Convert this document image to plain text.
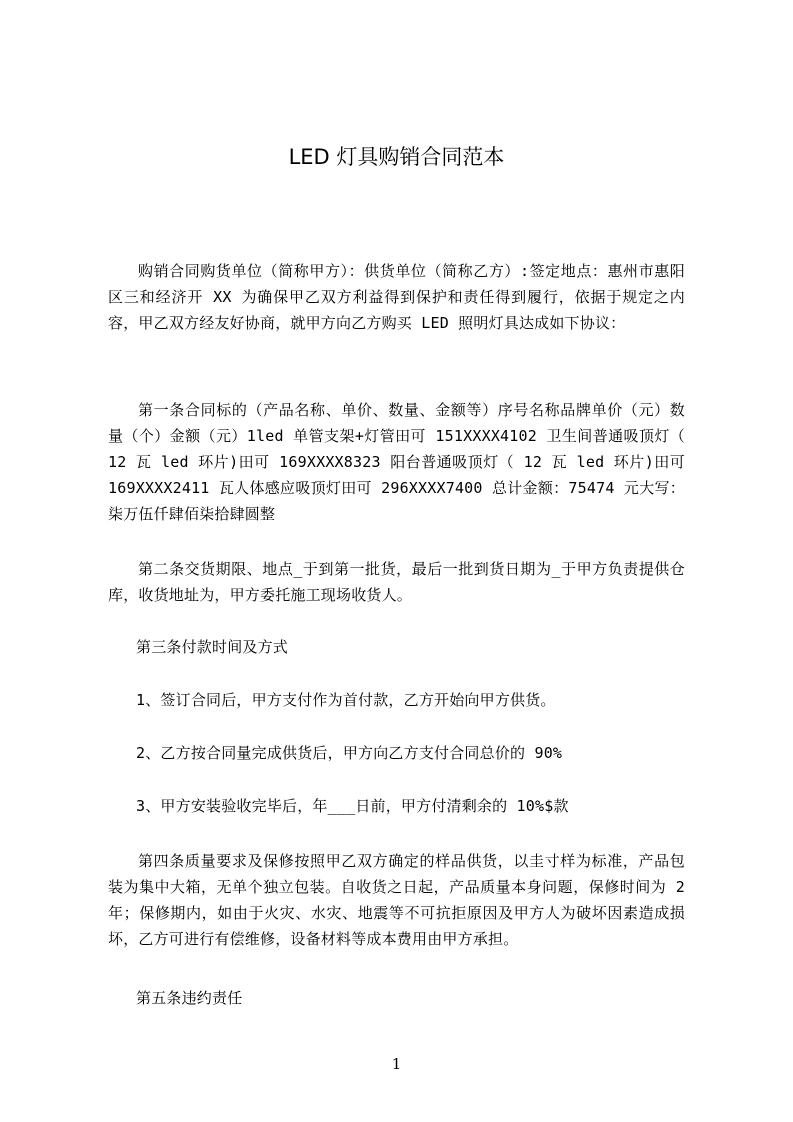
LED 灯具购销合同范本
购销合同购货单位（简称甲方）：供货单位（简称乙方）:签定地点：惠州市惠阳区三和经济开 XX 为确保甲乙双方利益得到保护和责任得到履行，依据于规定之内容，甲乙双方经友好协商，就甲方向乙方购买 LED 照明灯具达成如下协议：
第一条合同标的（产品名称、单价、数量、金额等）序号名称品牌单价（元）数量（个）金额（元）1led 单管支架+灯管田可 151XXXX4102 卫生间普通吸顶灯（ 12 瓦 led 环片)田可 169XXXX8323 阳台普通吸顶灯（ 12 瓦 led 环片)田可 169XXXX2411 瓦人体感应吸顶灯田可 296XXXX7400 总计金额：75474 元大写：柒万伍仟肆佰柒拾肆圆整
第二条交货期限、地点_于到第一批货，最后一批到货日期为_于甲方负责提供仓库，收货地址为，甲方委托施工现场收货人。
第三条付款时间及方式
1、签订合同后，甲方支付作为首付款，乙方开始向甲方供货。
2、乙方按合同量完成供货后，甲方向乙方支付合同总价的 90%
3、甲方安装验收完毕后，年___日前，甲方付清剩余的 10%$款
第四条质量要求及保修按照甲乙双方确定的样品供货，以圭寸样为标准，产品包装为集中大箱，无单个独立包装。自收货之日起，产品质量本身问题，保修时间为 2 年；保修期内，如由于火灾、水灾、地震等不可抗拒原因及甲方人为破坏因素造成损坏，乙方可进行有偿维修，设备材料等成本费用由甲方承担。
第五条违约责任
1
